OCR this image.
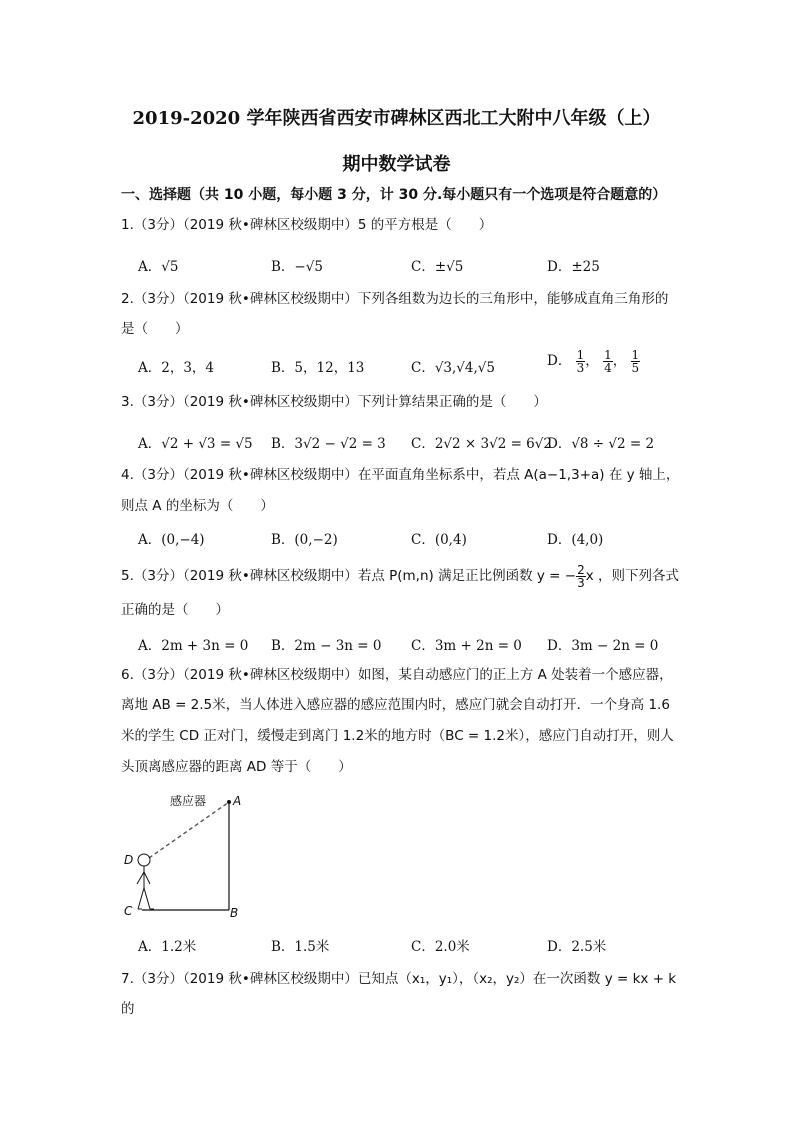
2019-2020 学年陕西省西安市碑林区西北工大附中八年级（上）
期中数学试卷
一、选择题（共 10 小题，每小题 3 分，计 30 分.每小题只有一个选项是符合题意的）
1.（3分）（2019 秋•碑林区校级期中）5 的平方根是（　　）
A．√5	B．−√5	C．±√5	D．±25
2.（3分）（2019 秋•碑林区校级期中）下列各组数为边长的三角形中，能够成直角三角形的
是（　　）
A．2，3，4	B．5，12，13	C．√3,√4,√5	D． $\frac{1}{3}$ ， $\frac{1}{4}$ ， $\frac{1}{5}$
3.（3分）（2019 秋•碑林区校级期中）下列计算结果正确的是（　　）
A．√2 + √3 = √5 B．3√2 − √2 = 3 C．2√2 × 3√2 = 6√2
D．√8 ÷ √2 = 2
4.（3分）（2019 秋•碑林区校级期中）在平面直角坐标系中，若点 A(a−1,3+a) 在 y 轴上，
则点 A 的坐标为（　　）
A．(0,−4)	B．(0,−2)	C．(0,4)	D．(4,0)
5.（3分）（2019 秋•碑林区校级期中）若点 P(m,n) 满足正比例函数 y = − $\frac{2}{3}$ x ，则下列各式
正确的是（　　）
A．2m + 3n = 0 B．2m − 3n = 0 C．3m + 2n = 0 D．3m − 2n = 0
6.（3分）（2019 秋•碑林区校级期中）如图，某自动感应门的正上方 A 处装着一个感应器，
离地 AB = 2.5米，当人体进入感应器的感应范围内时，感应门就会自动打开．一个身高 1.6
米的学生 CD 正对门，缓慢走到离门 1.2米的地方时（BC = 1.2米），感应门自动打开，则人
头顶离感应器的距离 AD 等于（　　）
感应器 A
B
C
D
A．1.2米	B．1.5米	C．2.0米	D．2.5米
7.（3分）（2019 秋•碑林区校级期中）已知点（x₁，y₁），（x₂，y₂）在一次函数 y = kx + k 的
